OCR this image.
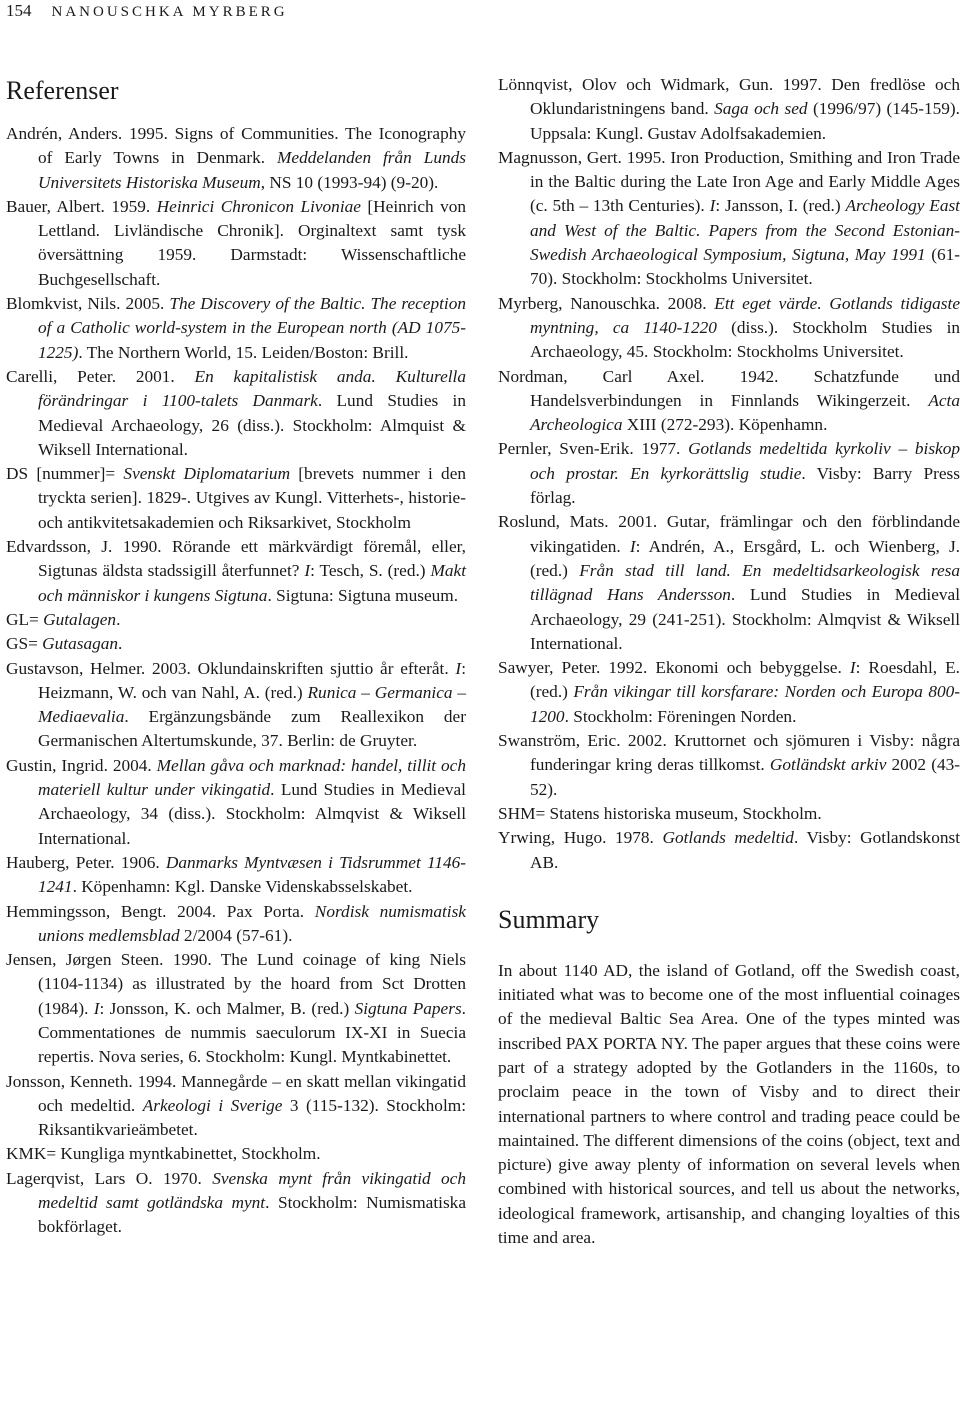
154 NANOUSCHKA MYRBERG
Referenser

Andrén, Anders. 1995. Signs of Communities. The Iconography of Early Towns in Denmark. Meddelanden från Lunds Universitets Historiska Museum, NS 10 (1993-94) (9-20).

Bauer, Albert. 1959. Heinrici Chronicon Livoniae [Heinrich von Lettland. Livländische Chronik]. Orginaltext samt tysk översättning 1959. Darmstadt: Wissenschaftliche Buchgesellschaft.

Blomkvist, Nils. 2005. The Discovery of the Baltic. The reception of a Catholic world-system in the European north (AD 1075-1225). The Northern World, 15. Leiden/Boston: Brill.

Carelli, Peter. 2001. En kapitalistisk anda. Kulturella förändringar i 1100-talets Danmark. Lund Studies in Medieval Archaeology, 26 (diss.). Stockholm: Almquist & Wiksell International.

DS [nummer]= Svenskt Diplomatarium [brevets nummer i den tryckta serien]. 1829-. Utgives av Kungl. Vitterhets-, historie- och antikvitetsakademien och Riksarkivet, Stockholm

Edvardsson, J. 1990. Rörande ett märkvärdigt föremål, eller, Sigtunas äldsta stadssigill återfunnet? I: Tesch, S. (red.) Makt och människor i kungens Sigtuna. Sigtuna: Sigtuna museum.

GL= Gutalagen.

GS= Gutasagan.

Gustavson, Helmer. 2003. Oklundainskriften sjuttio år efteråt. I: Heizmann, W. och van Nahl, A. (red.) Runica – Germanica – Mediaevalia. Ergänzungsbände zum Reallexikon der Germanischen Altertumskunde, 37. Berlin: de Gruyter.

Gustin, Ingrid. 2004. Mellan gåva och marknad: handel, tillit och materiell kultur under vikingatid. Lund Studies in Medieval Archaeology, 34 (diss.). Stockholm: Almqvist & Wiksell International.

Hauberg, Peter. 1906. Danmarks Myntvæsen i Tidsrummet 1146-1241. Köpenhamn: Kgl. Danske Videnskabsselskabet.

Hemmingsson, Bengt. 2004. Pax Porta. Nordisk numismatisk unions medlemsblad 2/2004 (57-61).

Jensen, Jørgen Steen. 1990. The Lund coinage of king Niels (1104-1134) as illustrated by the hoard from Sct Drotten (1984). I: Jonsson, K. och Malmer, B. (red.) Sigtuna Papers. Commentationes de nummis saeculorum IX-XI in Suecia repertis. Nova series, 6. Stockholm: Kungl. Myntkabinettet.

Jonsson, Kenneth. 1994. Mannegårde – en skatt mellan vikingatid och medeltid. Arkeologi i Sverige 3 (115-132). Stockholm: Riksantikvarieämbetet.

KMK= Kungliga myntkabinettet, Stockholm.

Lagerqvist, Lars O. 1970. Svenska mynt från vikingatid och medeltid samt gotländska mynt. Stockholm: Numismatiska bokförlaget.

Lönnqvist, Olov och Widmark, Gun. 1997. Den fredlöse och Oklundaristningens band. Saga och sed (1996/97) (145-159). Uppsala: Kungl. Gustav Adolfsakademien.

Magnusson, Gert. 1995. Iron Production, Smithing and Iron Trade in the Baltic during the Late Iron Age and Early Middle Ages (c. 5th – 13th Centuries). I: Jansson, I. (red.) Archeology East and West of the Baltic. Papers from the Second Estonian-Swedish Archaeological Symposium, Sigtuna, May 1991 (61-70). Stockholm: Stockholms Universitet.

Myrberg, Nanouschka. 2008. Ett eget värde. Gotlands tidigaste myntning, ca 1140-1220 (diss.). Stockholm Studies in Archaeology, 45. Stockholm: Stockholms Universitet.

Nordman, Carl Axel. 1942. Schatzfunde und Handelsverbindungen in Finnlands Wikingerzeit. Acta Archeologica XIII (272-293). Köpenhamn.

Pernler, Sven-Erik. 1977. Gotlands medeltida kyrkoliv – biskop och prostar. En kyrkorättslig studie. Visby: Barry Press förlag.

Roslund, Mats. 2001. Gutar, främlingar och den förblindande vikingatiden. I: Andrén, A., Ersgård, L. och Wienberg, J. (red.) Från stad till land. En medeltidsarkeologisk resa tillägnad Hans Andersson. Lund Studies in Medieval Archaeology, 29 (241-251). Stockholm: Almqvist & Wiksell International.

Sawyer, Peter. 1992. Ekonomi och bebyggelse. I: Roesdahl, E. (red.) Från vikingar till korsfarare: Norden och Europa 800-1200. Stockholm: Föreningen Norden.

Swanström, Eric. 2002. Kruttornet och sjömuren i Visby: några funderingar kring deras tillkomst. Gotländskt arkiv 2002 (43-52).

SHM= Statens historiska museum, Stockholm.

Yrwing, Hugo. 1978. Gotlands medeltid. Visby: Gotlandskonst AB.

Summary

In about 1140 AD, the island of Gotland, off the Swedish coast, initiated what was to become one of the most influential coinages of the medieval Baltic Sea Area. One of the types minted was inscribed PAX PORTA NY. The paper argues that these coins were part of a strategy adopted by the Gotlanders in the 1160s, to proclaim peace in the town of Visby and to direct their international partners to where control and trading peace could be maintained. The different dimensions of the coins (object, text and picture) give away plenty of information on several levels when combined with historical sources, and tell us about the networks, ideological framework, artisanship, and changing loyalties of this time and area.
